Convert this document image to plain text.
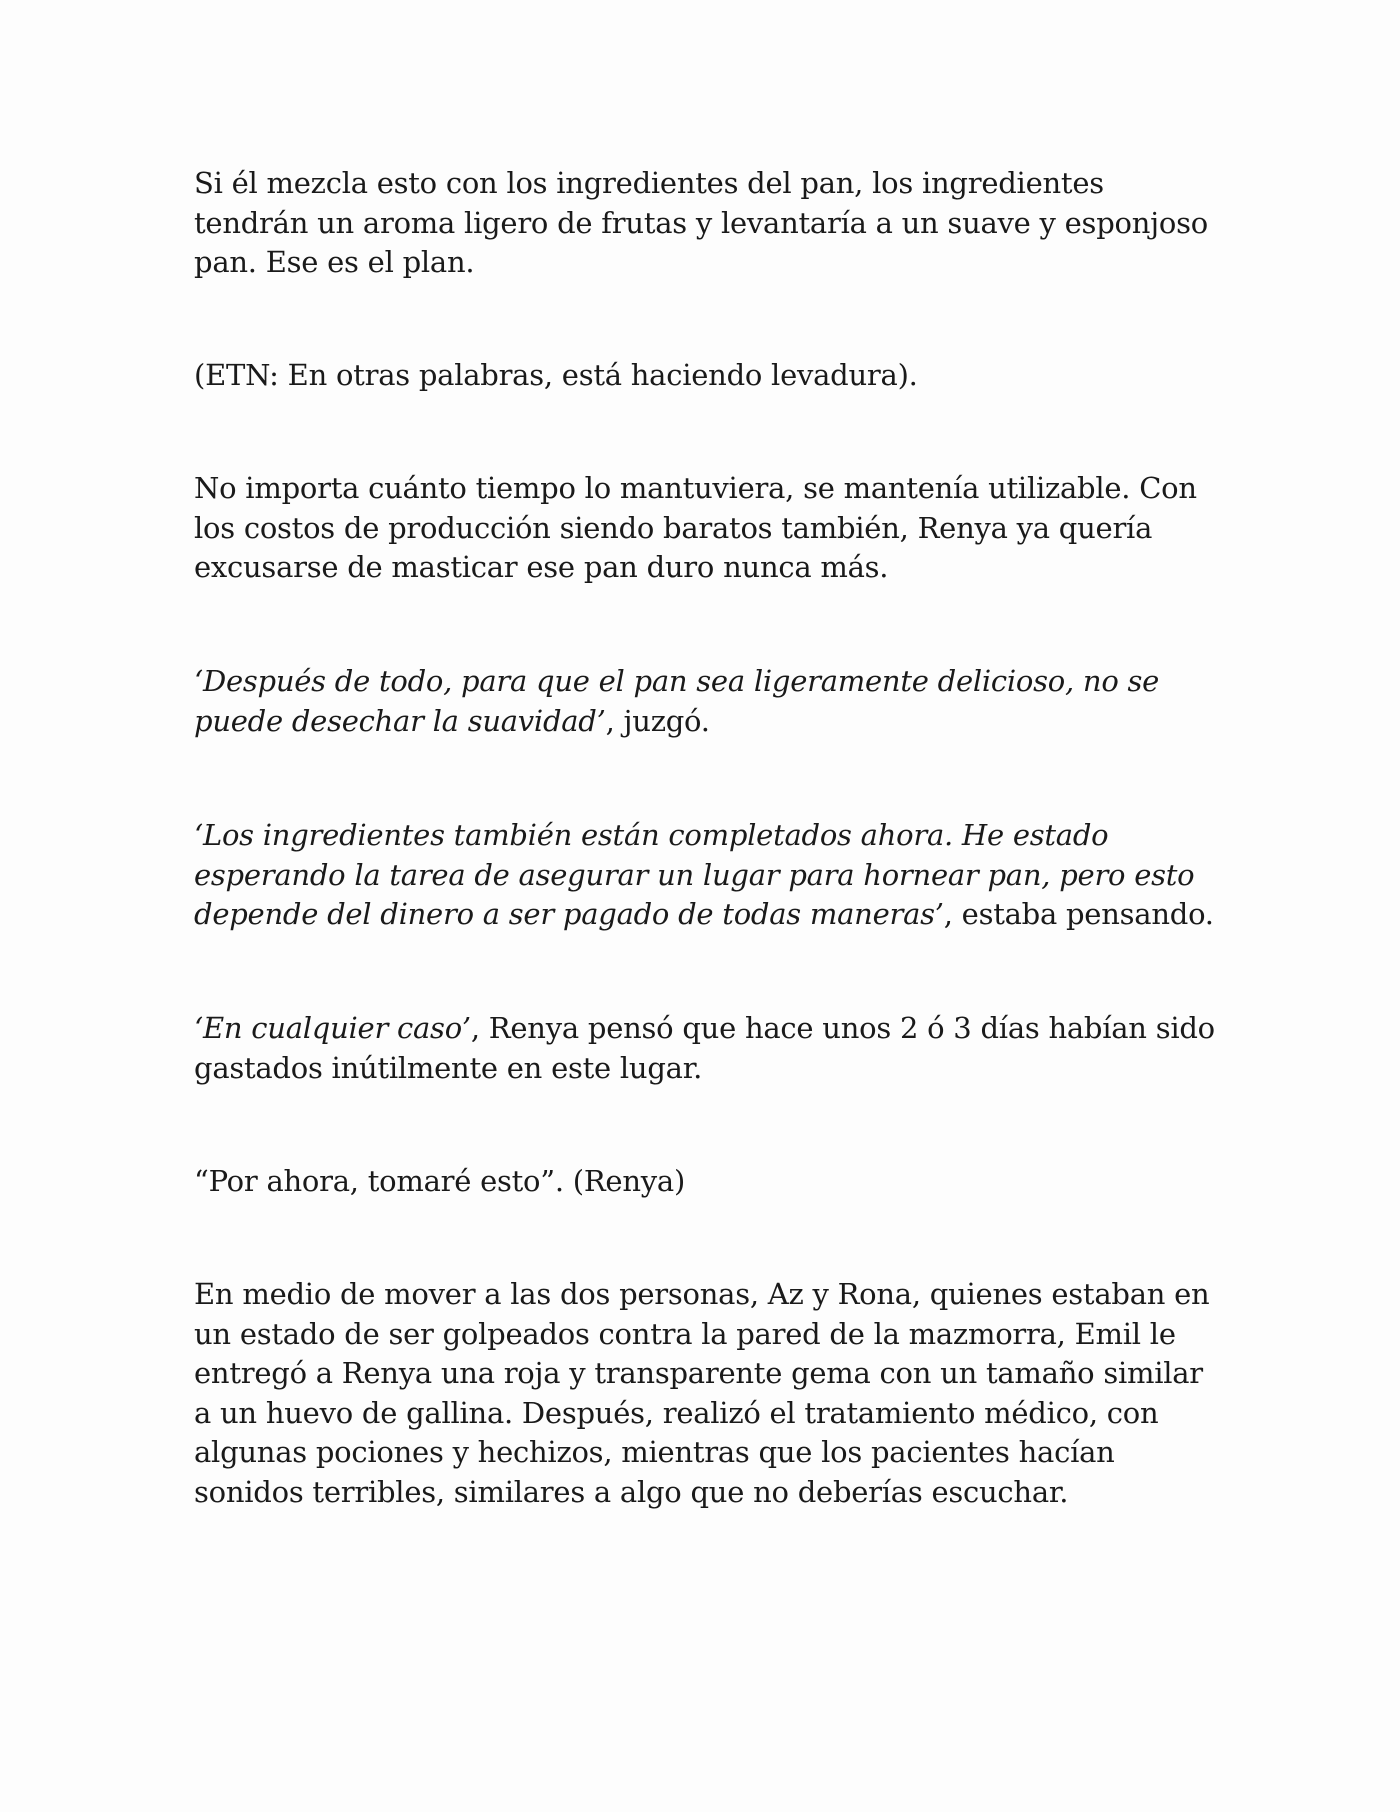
Si él mezcla esto con los ingredientes del pan, los ingredientes tendrán un aroma ligero de frutas y levantaría a un suave y esponjoso pan. Ese es el plan.

(ETN: En otras palabras, está haciendo levadura).

No importa cuánto tiempo lo mantuviera, se mantenía utilizable. Con los costos de producción siendo baratos también, Renya ya quería excusarse de masticar ese pan duro nunca más.

‘Después de todo, para que el pan sea ligeramente delicioso, no se puede desechar la suavidad’, juzgó.

‘Los ingredientes también están completados ahora. He estado esperando la tarea de asegurar un lugar para hornear pan, pero esto depende del dinero a ser pagado de todas maneras’, estaba pensando.

‘En cualquier caso’, Renya pensó que hace unos 2 ó 3 días habían sido gastados inútilmente en este lugar.

“Por ahora, tomaré esto”. (Renya)

En medio de mover a las dos personas, Az y Rona, quienes estaban en un estado de ser golpeados contra la pared de la mazmorra, Emil le entregó a Renya una roja y transparente gema con un tamaño similar a un huevo de gallina. Después, realizó el tratamiento médico, con algunas pociones y hechizos, mientras que los pacientes hacían sonidos terribles, similares a algo que no deberías escuchar.
